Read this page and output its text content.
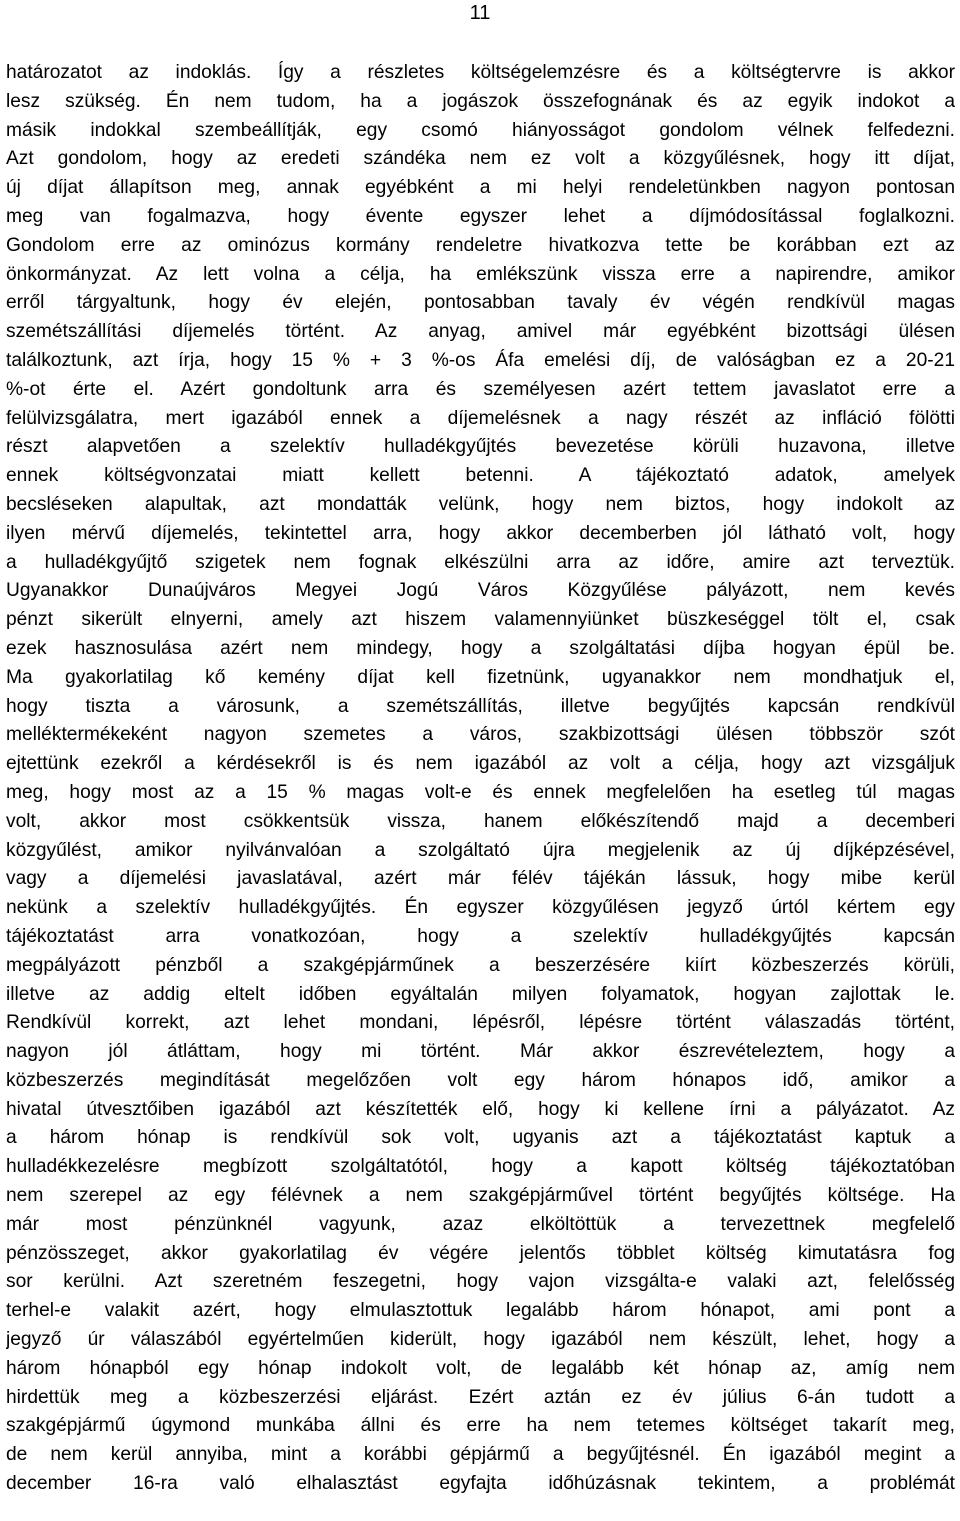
11
határozatot az indoklás. Így a részletes költségelemzésre és a költségtervre is akkor
lesz szükség. Én nem tudom, ha a jogászok összefognának és az egyik indokot a
másik indokkal szembeállítják, egy csomó hiányosságot gondolom vélnek felfedezni.
Azt gondolom, hogy az eredeti szándéka nem ez volt a közgyűlésnek, hogy itt díjat,
új díjat állapítson meg, annak egyébként a mi helyi rendeletünkben nagyon pontosan
meg van fogalmazva, hogy évente egyszer lehet a díjmódosítással foglalkozni.
Gondolom erre az ominózus kormány rendeletre hivatkozva tette be korábban ezt az
önkormányzat. Az lett volna a célja, ha emlékszünk vissza erre a napirendre, amikor
erről tárgyaltunk, hogy év elején, pontosabban tavaly év végén rendkívül magas
szemétszállítási díjemelés történt. Az anyag, amivel már egyébként bizottsági ülésen
találkoztunk, azt írja, hogy 15 % + 3 %-os Áfa emelési díj, de valóságban ez a 20-21
%-ot érte el. Azért gondoltunk arra és személyesen azért tettem javaslatot erre a
felülvizsgálatra, mert igazából ennek a díjemelésnek a nagy részét az infláció fölötti
részt alapvetően a szelektív hulladékgyűjtés bevezetése körüli huzavona, illetve
ennek költségvonzatai miatt kellett betenni. A tájékoztató adatok, amelyek
becsléseken alapultak, azt mondatták velünk, hogy nem biztos, hogy indokolt az
ilyen mérvű díjemelés, tekintettel arra, hogy akkor decemberben jól látható volt, hogy
a hulladékgyűjtő szigetek nem fognak elkészülni arra az időre, amire azt terveztük.
Ugyanakkor Dunaújváros Megyei Jogú Város Közgyűlése pályázott, nem kevés
pénzt sikerült elnyerni, amely azt hiszem valamennyiünket büszkeséggel tölt el, csak
ezek hasznosulása azért nem mindegy, hogy a szolgáltatási díjba hogyan épül be.
Ma gyakorlatilag kő kemény díjat kell fizetnünk, ugyanakkor nem mondhatjuk el,
hogy tiszta a városunk, a szemétszállítás, illetve begyűjtés kapcsán rendkívül
melléktermékeként nagyon szemetes a város, szakbizottsági ülésen többször szót
ejtettünk ezekről a kérdésekről is és nem igazából az volt a célja, hogy azt vizsgáljuk
meg, hogy most az a 15 % magas volt-e és ennek megfelelően ha esetleg túl magas
volt, akkor most csökkentsük vissza, hanem előkészítendő majd a decemberi
közgyűlést, amikor nyilvánvalóan a szolgáltató újra megjelenik az új díjképzésével,
vagy a díjemelési javaslatával, azért már félév tájékán lássuk, hogy mibe kerül
nekünk a szelektív hulladékgyűjtés. Én egyszer közgyűlésen jegyző úrtól kértem egy
tájékoztatást arra vonatkozóan, hogy a szelektív hulladékgyűjtés kapcsán
megpályázott pénzből a szakgépjárműnek a beszerzésére kiírt közbeszerzés körüli,
illetve az addig eltelt időben egyáltalán milyen folyamatok, hogyan zajlottak le.
Rendkívül korrekt, azt lehet mondani, lépésről, lépésre történt válaszadás történt,
nagyon jól átláttam, hogy mi történt. Már akkor észrevételeztem, hogy a
közbeszerzés megindítását megelőzően volt egy három hónapos idő, amikor a
hivatal útvesztőiben igazából azt készítették elő, hogy ki kellene írni a pályázatot. Az
a három hónap is rendkívül sok volt, ugyanis azt a tájékoztatást kaptuk a
hulladékkezelésre megbízott szolgáltatótól, hogy a kapott költség tájékoztatóban
nem szerepel az egy félévnek a nem szakgépjárművel történt begyűjtés költsége. Ha
már most pénzünknél vagyunk, azaz elköltöttük a tervezettnek megfelelő
pénzösszeget, akkor gyakorlatilag év végére jelentős többlet költség kimutatásra fog
sor kerülni. Azt szeretném feszegetni, hogy vajon vizsgálta-e valaki azt, felelősség
terhel-e valakit azért, hogy elmulasztottuk legalább három hónapot, ami pont a
jegyző úr válaszából egyértelműen kiderült, hogy igazából nem készült, lehet, hogy a
három hónapból egy hónap indokolt volt, de legalább két hónap az, amíg nem
hirdettük meg a közbeszerzési eljárást. Ezért aztán ez év július 6-án tudott a
szakgépjármű úgymond munkába állni és erre ha nem tetemes költséget takarít meg,
de nem kerül annyiba, mint a korábbi gépjármű a begyűjtésnél. Én igazából megint a
december 16-ra való elhalasztást egyfajta időhúzásnak tekintem, a problémát
